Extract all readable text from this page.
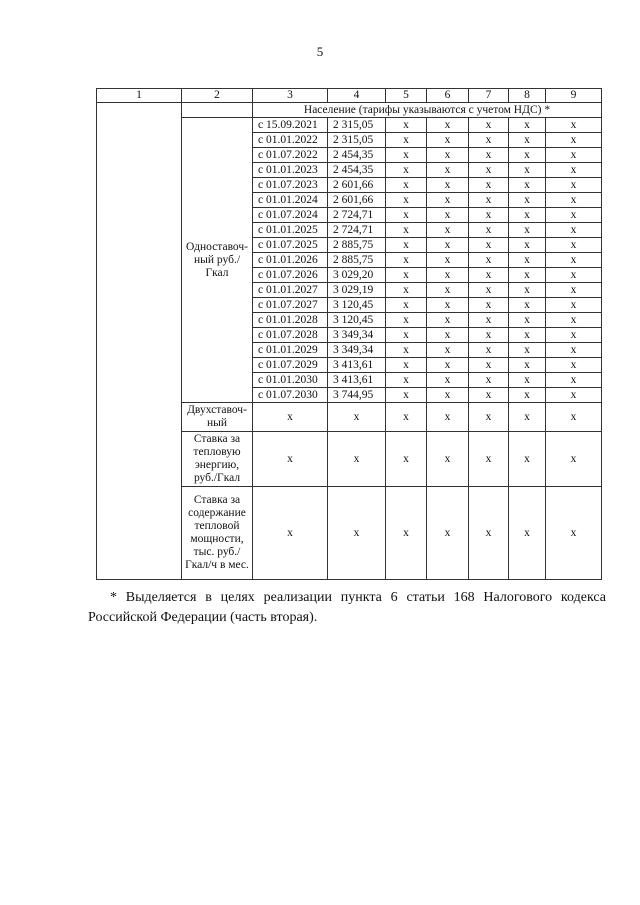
5
1	2	3	4	5	6	7	8	9
		Население (тарифы указываются с учетом НДС) *						
	Одноставоч-ный руб./Гкал	с 15.09.2021	2 315,05	x	x	x	x	x
		с 01.01.2022	2 315,05	x	x	x	x	x
		с 01.07.2022	2 454,35	x	x	x	x	x
		с 01.01.2023	2 454,35	x	x	x	x	x
		с 01.07.2023	2 601,66	x	x	x	x	x
		с 01.01.2024	2 601,66	x	x	x	x	x
		с 01.07.2024	2 724,71	x	x	x	x	x
		с 01.01.2025	2 724,71	x	x	x	x	x
		с 01.07.2025	2 885,75	x	x	x	x	x
		с 01.01.2026	2 885,75	x	x	x	x	x
		с 01.07.2026	3 029,20	x	x	x	x	x
		с 01.01.2027	3 029,19	x	x	x	x	x
		с 01.07.2027	3 120,45	x	x	x	x	x
		с 01.01.2028	3 120,45	x	x	x	x	x
		с 01.07.2028	3 349,34	x	x	x	x	x
		с 01.01.2029	3 349,34	x	x	x	x	x
		с 01.07.2029	3 413,61	x	x	x	x	x
		с 01.01.2030	3 413,61	x	x	x	x	x
		с 01.07.2030	3 744,95	x	x	x	x	x
	Двухставоч-ный	x	x	x	x	x	x	x
	Ставка за тепловую энергию, руб./Гкал	x	x	x	x	x	x	x
	Ставка за содержание тепловой мощности, тыс. руб./Гкал/ч в мес.	x	x	x	x	x	x	x
* Выделяется в целях реализации пункта 6 статьи 168 Налогового кодекса Российской Федерации (часть вторая).
